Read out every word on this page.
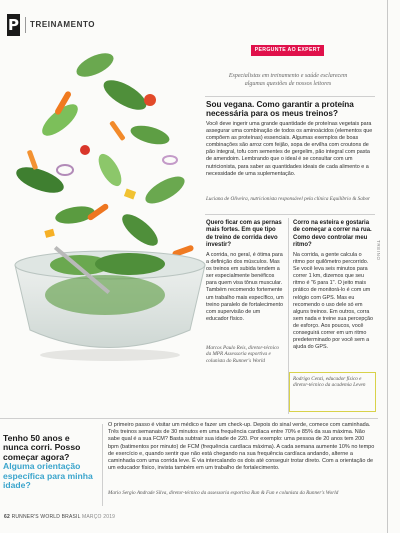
P TREINAMENTO
PERGUNTE AO EXPERT
Especialistas em treinamento e saúde esclarecem algumas questões de nossos leitores
Sou vegana. Como garantir a proteína necessária para os meus treinos?
Você deve ingerir uma grande quantidade de proteínas vegetais para assegurar uma combinação de todos os aminoácidos (elementos que compõem as proteínas) essenciais. Algumas exemplos de boas combinações são arroz com feijão, sopa de ervilha com croutons de pão integral, tofu com sementes de gergelim, pão integral com pasta de amendoim. Lembrando que o ideal é se consultar com um nutricionista, para saber as quantidades ideais de cada alimento e a necessidade de uma suplementação.
Luciana de Oliveira, nutricionista responsável pela clínica Equilíbrio & Sabor
Quero ficar com as pernas mais fortes. Em que tipo de treino de corrida devo investir?
A corrida, no geral, é ótima para a definição dos músculos. Mas os treinos em subida tendem a ser especialmente benéficos para quem visa tônus muscular. Também recomendo fortemente um trabalho mais específico, um treino paralelo de fortalecimento com supervisão de um educador físico.
Marcos Paulo Reis, diretor-técnico da MPR Assessoria esportiva e colunista do Runner's World
Corro na esteira e gostaria de começar a correr na rua. Como devo controlar meu ritmo?
Na corrida, a gente calcula o ritmo por quilômetro percorrido. Se você leva seis minutos para correr 1 km, dizemos que seu ritmo é "6 para 1". O jeito mais prático de monitorá-lo é com um relógio com GPS. Mas eu recomendo o uso dele só em alguns treinos. Em outros, corra sem nada e treine sua percepção de esforço. Aos poucos, você conseguirá correr em um ritmo predeterminado por você sem a ajuda do GPS.
Rodrigo Cenzi, educador físico e diretor-técnico da academia Leven
Tenho 50 anos e nunca corri. Posso começar agora?
Alguma orientação específica para minha idade?
O primeiro passo é visitar um médico e fazer um check-up. Depois do sinal verde, comece com caminhada. Três treinos semanais de 30 minutos em uma frequência cardíaca entre 70% e 85% da sua máxima. Não sabe qual é a sua FCM? Basta subtrair sua idade de 220. Por exemplo: uma pessoa de 20 anos tem 200 bpm (batimentos por minuto) de FCM (frequência cardíaca máxima). A cada semana aumente 10% no tempo de exercício e, quando sentir que não está chegando na sua frequência cardíaca andando, alterne a caminhada com uma corrida leve. É via intercalando os dois até conseguir trotar direto. Com a orientação de um educador físico, invista também em um trabalho de fortalecimento.
Mario Sergio Andrade Silva, diretor-técnico da assessoria esportiva Run & Fun e colunista da Runner's World
TREINO
62 RUNNER'S WORLD BRASIL MARÇO 2019
